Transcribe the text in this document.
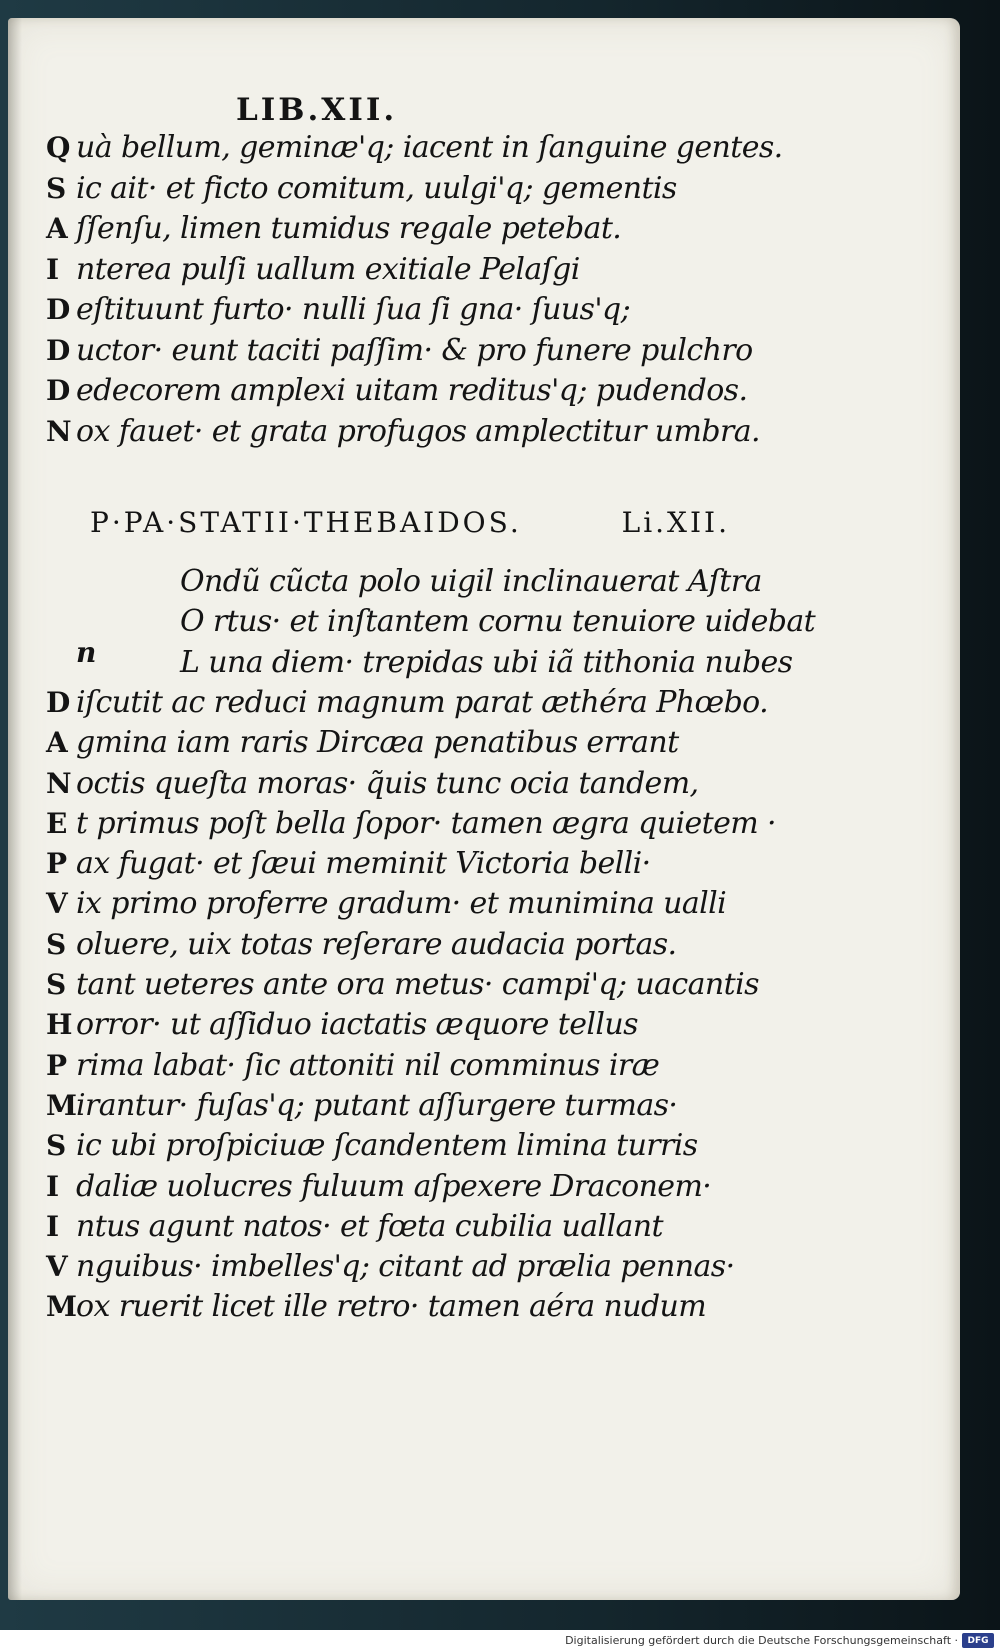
LIB.XII.
Q uà bellum, geminæ'q; iacent in ſanguine gentes.
S ic ait· et ficto comitum, uulgi'q; gementis
A ſſenſu, limen tumidus regale petebat.
I nterea pulſi uallum exitiale Pelaſgi
D eſtituunt furto· nulli ſua ſi gna· ſuus'q;
D uctor· eunt taciti paſſim· & pro funere pulchro
D edecorem amplexi uitam reditus'q; pudendos.
N ox fauet· et grata profugos amplectitur umbra.
Ondũ cũcta polo uigil inclinauerat Aſtra
O rtus· et inſtantem cornu tenuiore uidebat
L una diem· trepidas ubi iã tithonia nubes
D iſcutit ac reduci magnum parat æthéra Phœbo.
A gmina iam raris Dircæa penatibus errant
N octis queſta moras· q̃uis tunc ocia tandem,
E t primus poſt bella ſopor· tamen ægra quietem ·
P ax fugat· et ſæui meminit Victoria belli·
V ix primo proferre gradum· et munimina ualli
S oluere, uix totas reſerare audacia portas.
S tant ueteres ante ora metus· campi'q; uacantis
H orror· ut aſſiduo iactatis æquore tellus
P rima labat· ſic attoniti nil comminus iræ
M irantur· fuſas'q; putant aſſurgere turmas·
S ic ubi proſpiciuæ ſcandentem limina turris
I daliæ uolucres fuluum aſpexere Draconem·
I ntus agunt natos· et fœta cubilia uallant
V nguibus· imbelles'q; citant ad prælia pennas·
M ox ruerit licet ille retro· tamen aéra nudum
P·PA·STATII·THEBAIDOS.	Li.XII.
n
Digitalisierung gefördert durch die Deutsche Forschungsgemeinschaft ·	DFG
